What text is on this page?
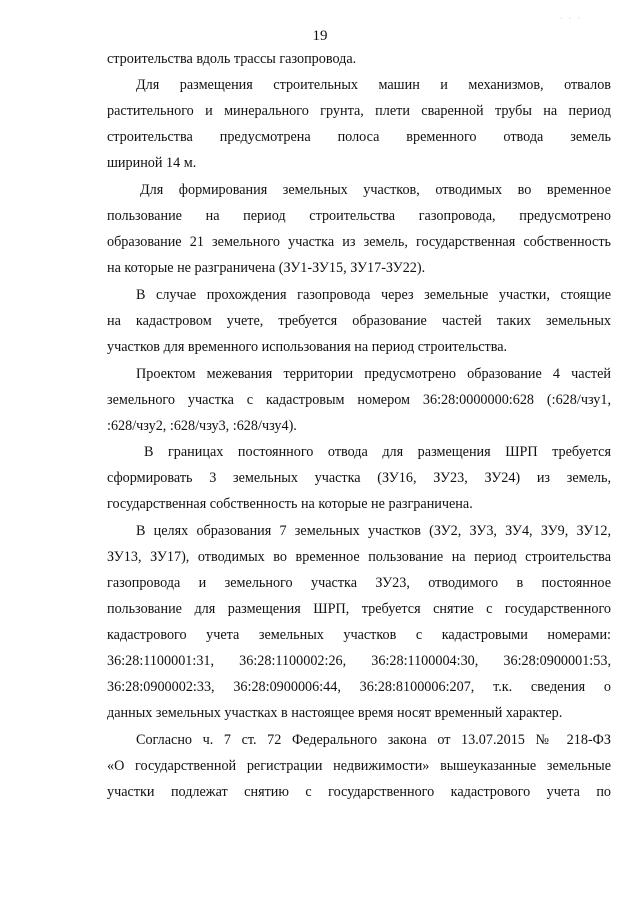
· · ·
19
строительства вдоль трассы газопровода.
Для размещения строительных машин и механизмов, отвалов
растительного и минерального грунта, плети сваренной трубы на период
строительства предусмотрена полоса временного отвода земель
шириной 14 м.
Для формирования земельных участков, отводимых во временное
пользование на период строительства газопровода, предусмотрено
образование 21 земельного участка из земель, государственная собственность
на которые не разграничена (ЗУ1-ЗУ15, ЗУ17-ЗУ22).
В случае прохождения газопровода через земельные участки, стоящие
на кадастровом учете, требуется образование частей таких земельных
участков для временного использования на период строительства.
Проектом межевания территории предусмотрено образование 4 частей
земельного участка с кадастровым номером 36:28:0000000:628 (:628/чзу1,
:628/чзу2, :628/чзу3, :628/чзу4).
В границах постоянного отвода для размещения ШРП требуется
сформировать 3 земельных участка (ЗУ16, ЗУ23, ЗУ24) из земель,
государственная собственность на которые не разграничена.
В целях образования 7 земельных участков (ЗУ2, ЗУ3, ЗУ4, ЗУ9, ЗУ12,
ЗУ13, ЗУ17), отводимых во временное пользование на период строительства
газопровода и земельного участка ЗУ23, отводимого в постоянное
пользование для размещения ШРП, требуется снятие с государственного
кадастрового учета земельных участков с кадастровыми номерами:
36:28:1100001:31, 36:28:1100002:26, 36:28:1100004:30, 36:28:0900001:53,
36:28:0900002:33, 36:28:0900006:44, 36:28:8100006:207, т.к. сведения о
данных земельных участках в настоящее время носят временный характер.
Согласно ч. 7 ст. 72 Федерального закона от 13.07.2015 № 218-ФЗ
«О государственной регистрации недвижимости» вышеуказанные земельные
участки подлежат снятию с государственного кадастрового учета по
